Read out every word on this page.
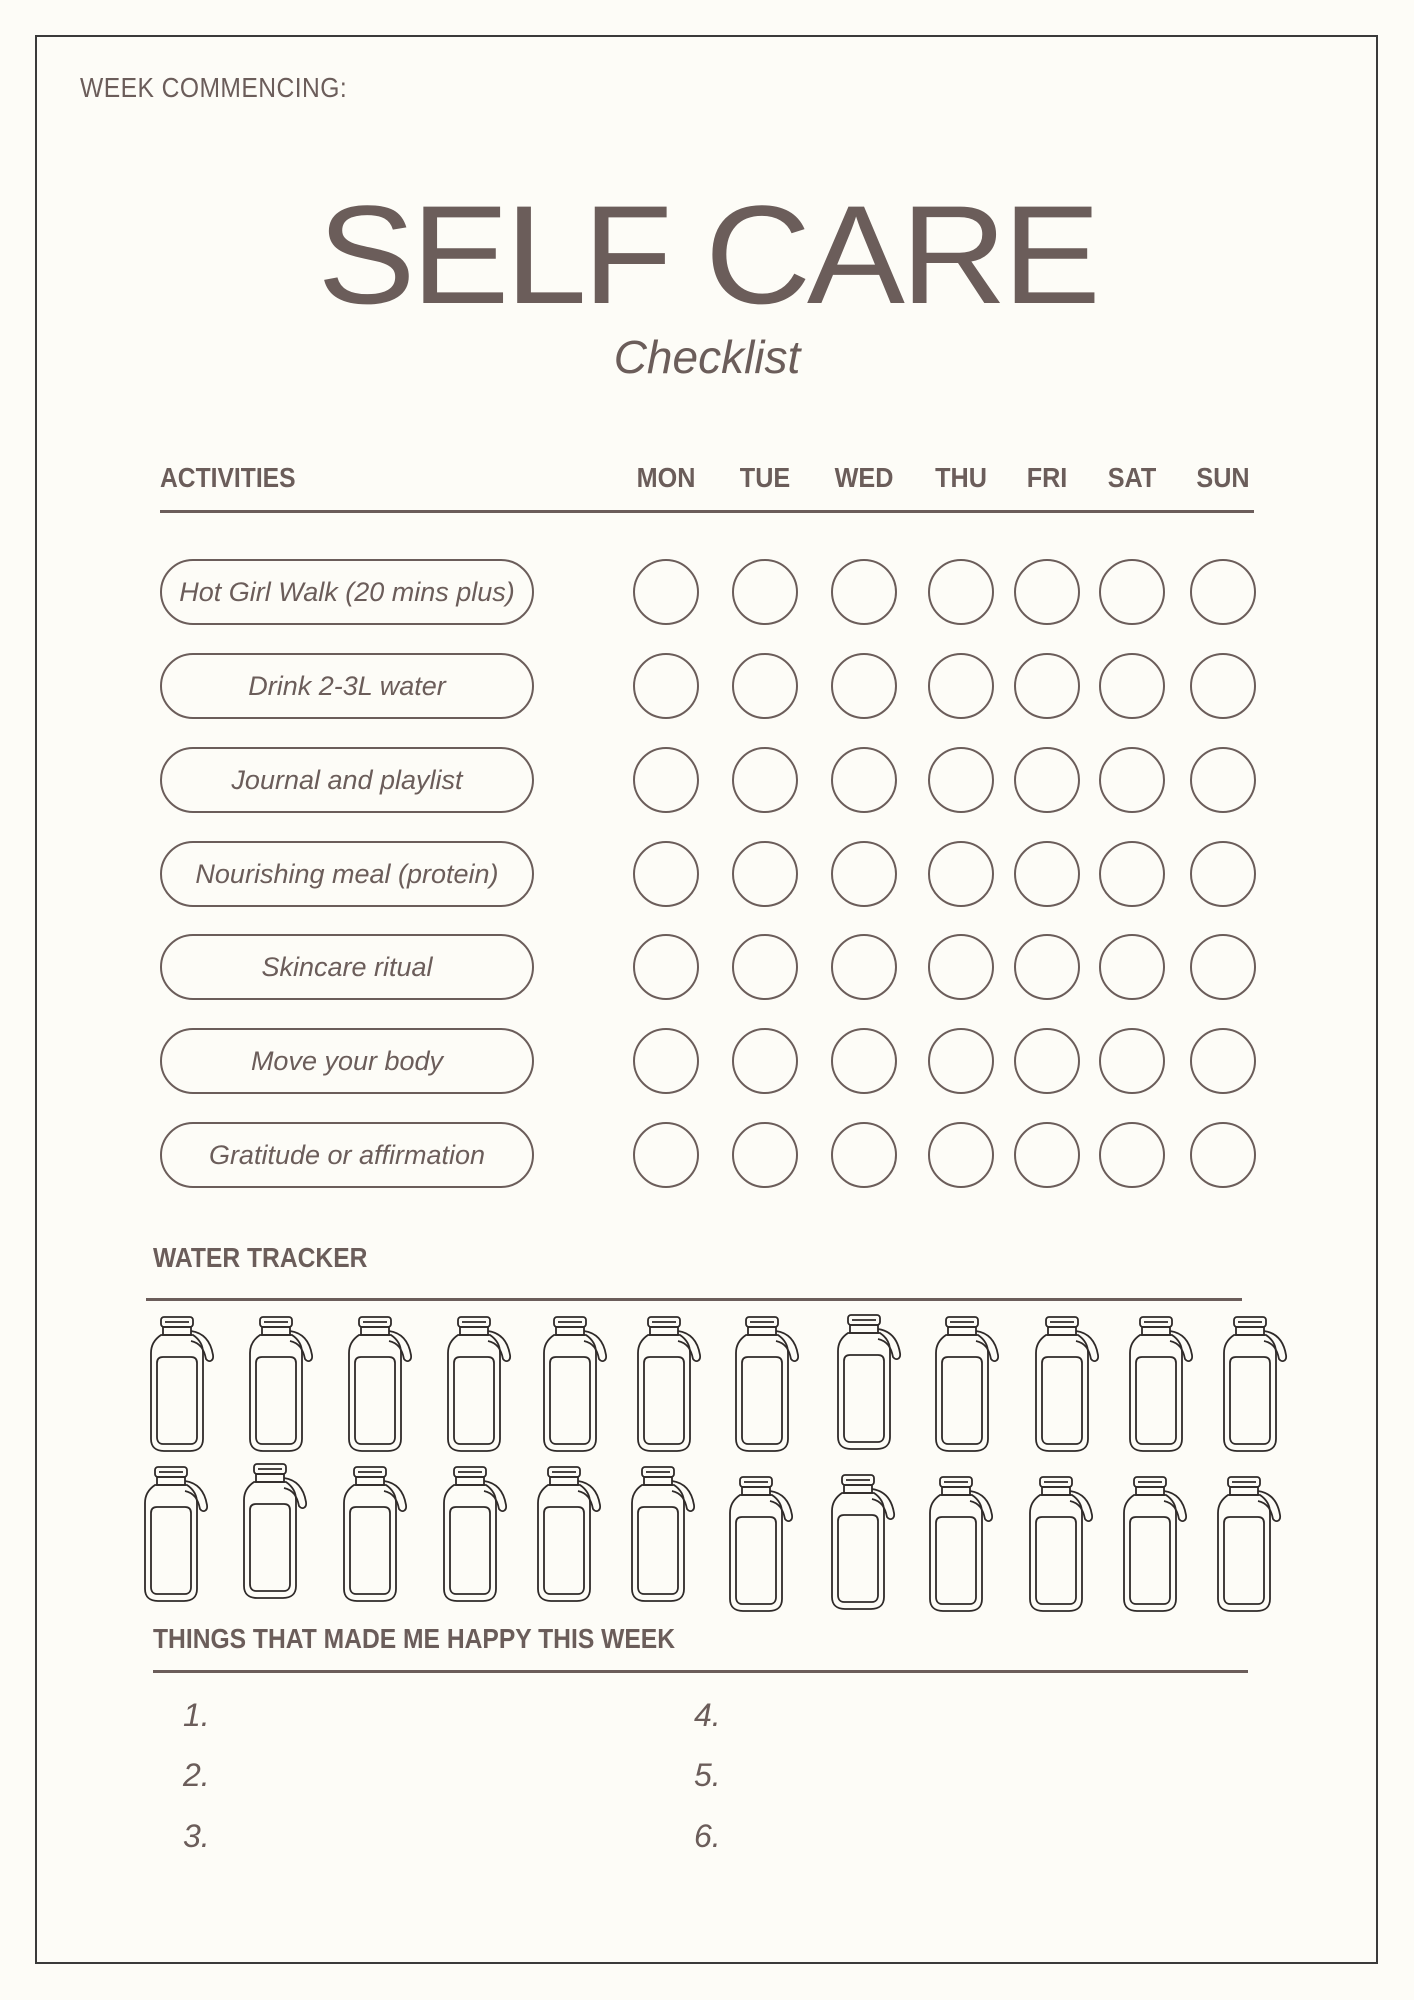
WEEK COMMENCING:
SELF CARE
Checklist
ACTIVITIES	MON	TUE	WED	THU	FRI	SAT	SUN
Hot Girl Walk (20 mins plus)
Drink 2-3L water
Journal and playlist
Nourishing meal (protein)
Skincare ritual
Move your body
Gratitude or affirmation
WATER TRACKER
THINGS THAT MADE ME HAPPY THIS WEEK
1.
2.
3.
4.
5.
6.
